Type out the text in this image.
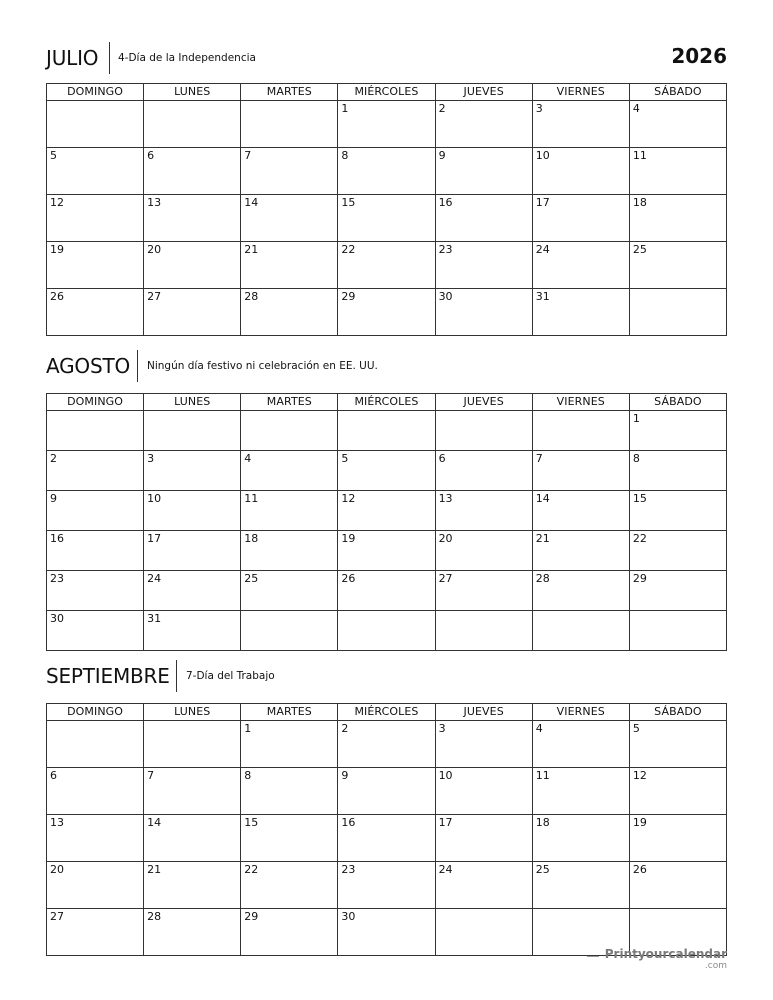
JULIO 4-Día de la Independencia	2026
DOMINGO	LUNES	MARTES	MIÉRCOLES	JUEVES	VIERNES	SÁBADO
			1	2	3	4
5	6	7	8	9	10	11
12	13	14	15	16	17	18
19	20	21	22	23	24	25
26	27	28	29	30	31	
AGOSTO Ningún día festivo ni celebración en EE. UU.
DOMINGO	LUNES	MARTES	MIÉRCOLES	JUEVES	VIERNES	SÁBADO
						1
2	3	4	5	6	7	8
9	10	11	12	13	14	15
16	17	18	19	20	21	22
23	24	25	26	27	28	29
30	31					
SEPTIEMBRE 7-Día del Trabajo
DOMINGO	LUNES	MARTES	MIÉRCOLES	JUEVES	VIERNES	SÁBADO
		1	2	3	4	5
6	7	8	9	10	11	12
13	14	15	16	17	18	19
20	21	22	23	24	25	26
27	28	29	30			
Printyourcalendar
.com
